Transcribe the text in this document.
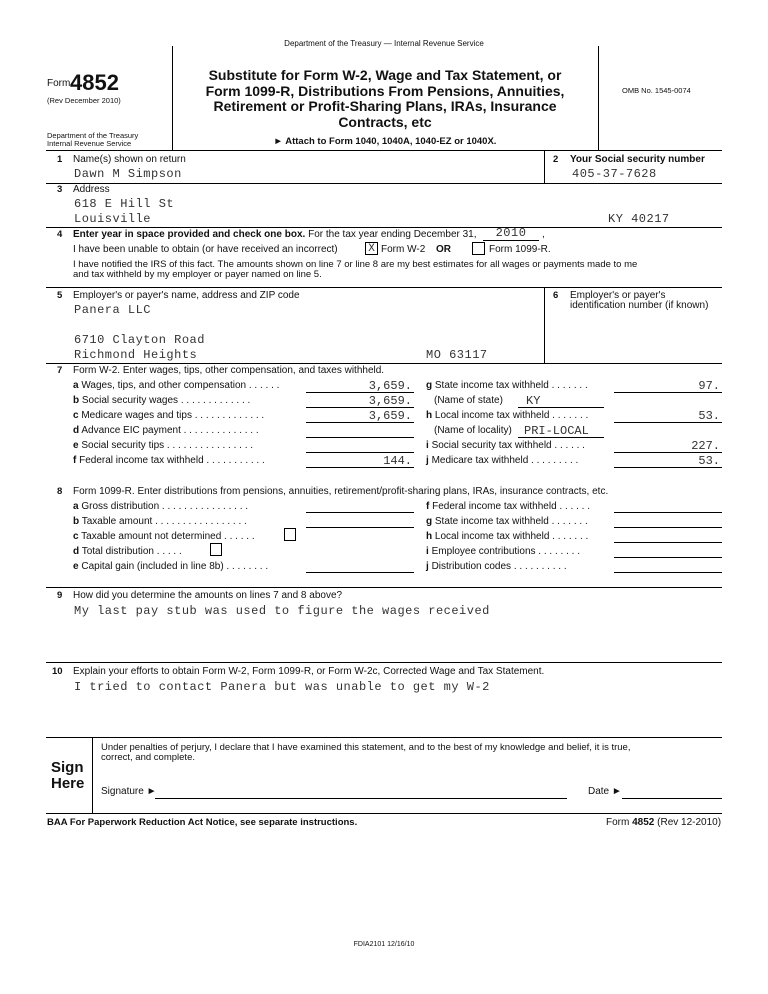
Department of the Treasury — Internal Revenue Service
Form 4852
(Rev December 2010)
Department of the Treasury
Internal Revenue Service
Substitute for Form W-2, Wage and Tax Statement, or
Form 1099-R, Distributions From Pensions, Annuities,
Retirement or Profit-Sharing Plans, IRAs, Insurance
Contracts, etc
► Attach to Form 1040, 1040A, 1040-EZ or 1040X.
OMB No. 1545-0074
1 Name(s) shown on return
Dawn M Simpson
2 Your Social security number
405-37-7628
3 Address
618 E Hill St
Louisville	KY 40217
4 Enter year in space provided and check one box. For the tax year ending December 31,	2010	,
I have been unable to obtain (or have received an incorrect)	X Form W-2 OR	Form 1099-R.
I have notified the IRS of this fact. The amounts shown on line 7 or line 8 are my best estimates for all wages or payments made to me
and tax withheld by my employer or payer named on line 5.
5 Employer's or payer's name, address and ZIP code
Panera LLC
6710 Clayton Road
Richmond Heights	MO 63117
6 Employer's or payer's
identification number (if known)
7 Form W-2. Enter wages, tips, other compensation, and taxes withheld.
a Wages, tips, and other compensation . . . . . .	3,659.
b Social security wages . . . . . . . . . . . . .	3,659.
c Medicare wages and tips . . . . . . . . . . . . .	3,659.
d Advance EIC payment . . . . . . . . . . . . . .
e Social security tips . . . . . . . . . . . . . . . .
f Federal income tax withheld . . . . . . . . . . .	144.
g State income tax withheld . . . . . . .	97.
(Name of state)	KY
h Local income tax withheld . . . . . . .	53.
(Name of locality)	PRI-LOCAL
i Social security tax withheld . . . . . .	227.
j Medicare tax withheld . . . . . . . . .	53.
8 Form 1099-R. Enter distributions from pensions, annuities, retirement/profit-sharing plans, IRAs, insurance contracts, etc.
a Gross distribution . . . . . . . . . . . . . . . .
b Taxable amount . . . . . . . . . . . . . . . . .
c Taxable amount not determined . . . . . .
d Total distribution . . . . .
e Capital gain (included in line 8b) . . . . . . . .
f Federal income tax withheld . . . . . .
g State income tax withheld . . . . . . .
h Local income tax withheld . . . . . . .
i Employee contributions . . . . . . . .
j Distribution codes . . . . . . . . . .
9 How did you determine the amounts on lines 7 and 8 above?
My last pay stub was used to figure the wages received
10 Explain your efforts to obtain Form W-2, Form 1099-R, or Form W-2c, Corrected Wage and Tax Statement.
I tried to contact Panera but was unable to get my W-2
Sign
Here
Under penalties of perjury, I declare that I have examined this statement, and to the best of my knowledge and belief, it is true,
correct, and complete.
Signature ►	Date ►
BAA For Paperwork Reduction Act Notice, see separate instructions.	Form 4852 (Rev 12-2010)
FDIA2101 12/16/10
